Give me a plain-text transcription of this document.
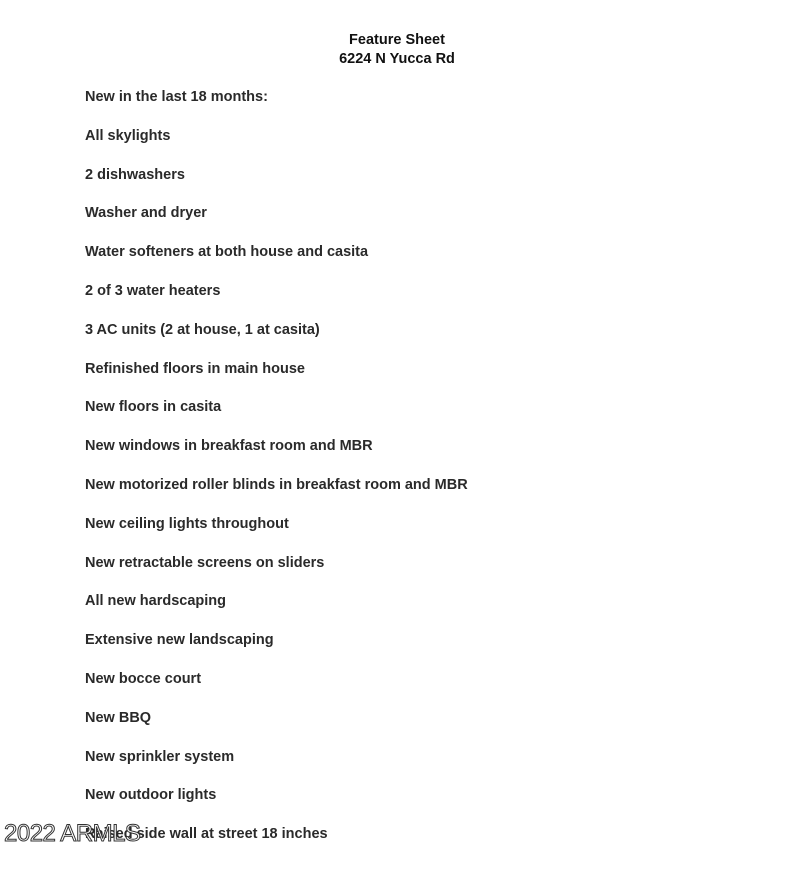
Feature Sheet
6224 N Yucca Rd
New in the last 18 months:
All skylights
2 dishwashers
Washer and dryer
Water softeners at both house and casita
2 of 3 water heaters
3 AC units (2 at house, 1 at casita)
Refinished floors in main house
New floors in casita
New windows in breakfast room and MBR
New motorized roller blinds in breakfast room and MBR
New ceiling lights throughout
New retractable screens on sliders
All new hardscaping
Extensive new landscaping
New bocce court
New BBQ
New sprinkler system
New outdoor lights
Raised side wall at street 18 inches
2022 ARMLS
